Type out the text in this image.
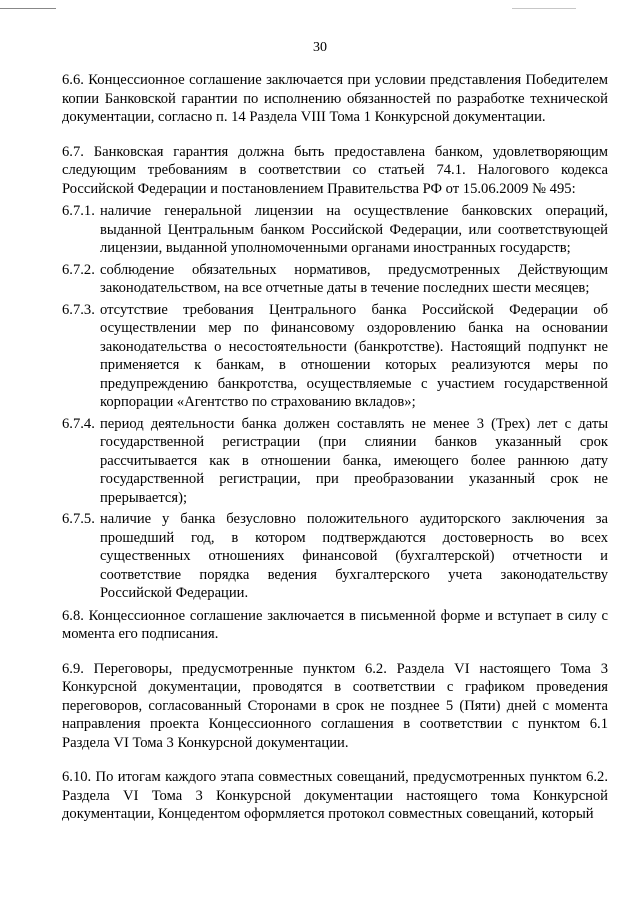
30

6.6. Концессионное соглашение заключается при условии представления Победителем копии Банковской гарантии по исполнению обязанностей по разработке технической документации, согласно п. 14 Раздела VIII Тома 1 Конкурсной документации.

6.7. Банковская гарантия должна быть предоставлена банком, удовлетворяющим следующим требованиям в соответствии со статьей 74.1. Налогового кодекса Российской Федерации и постановлением Правительства РФ от 15.06.2009 № 495:

6.7.1. наличие генеральной лицензии на осуществление банковских операций, выданной Центральным банком Российской Федерации, или соответствующей лицензии, выданной уполномоченными органами иностранных государств;
6.7.2. соблюдение обязательных нормативов, предусмотренных Действующим законодательством, на все отчетные даты в течение последних шести месяцев;
6.7.3. отсутствие требования Центрального банка Российской Федерации об осуществлении мер по финансовому оздоровлению банка на основании законодательства о несостоятельности (банкротстве). Настоящий подпункт не применяется к банкам, в отношении которых реализуются меры по предупреждению банкротства, осуществляемые с участием государственной корпорации «Агентство по страхованию вкладов»;
6.7.4. период деятельности банка должен составлять не менее 3 (Трех) лет с даты государственной регистрации (при слиянии банков указанный срок рассчитывается как в отношении банка, имеющего более раннюю дату государственной регистрации, при преобразовании указанный срок не прерывается);
6.7.5. наличие у банка безусловно положительного аудиторского заключения за прошедший год, в котором подтверждаются достоверность во всех существенных отношениях финансовой (бухгалтерской) отчетности и соответствие порядка ведения бухгалтерского учета законодательству Российской Федерации.

6.8. Концессионное соглашение заключается в письменной форме и вступает в силу с момента его подписания.

6.9. Переговоры, предусмотренные пунктом 6.2. Раздела VI настоящего Тома 3 Конкурсной документации, проводятся в соответствии с графиком проведения переговоров, согласованный Сторонами в срок не позднее 5 (Пяти) дней с момента направления проекта Концессионного соглашения в соответствии с пунктом 6.1 Раздела VI Тома 3 Конкурсной документации.

6.10. По итогам каждого этапа совместных совещаний, предусмотренных пунктом 6.2. Раздела VI Тома 3 Конкурсной документации настоящего тома Конкурсной документации, Концедентом оформляется протокол совместных совещаний, который
